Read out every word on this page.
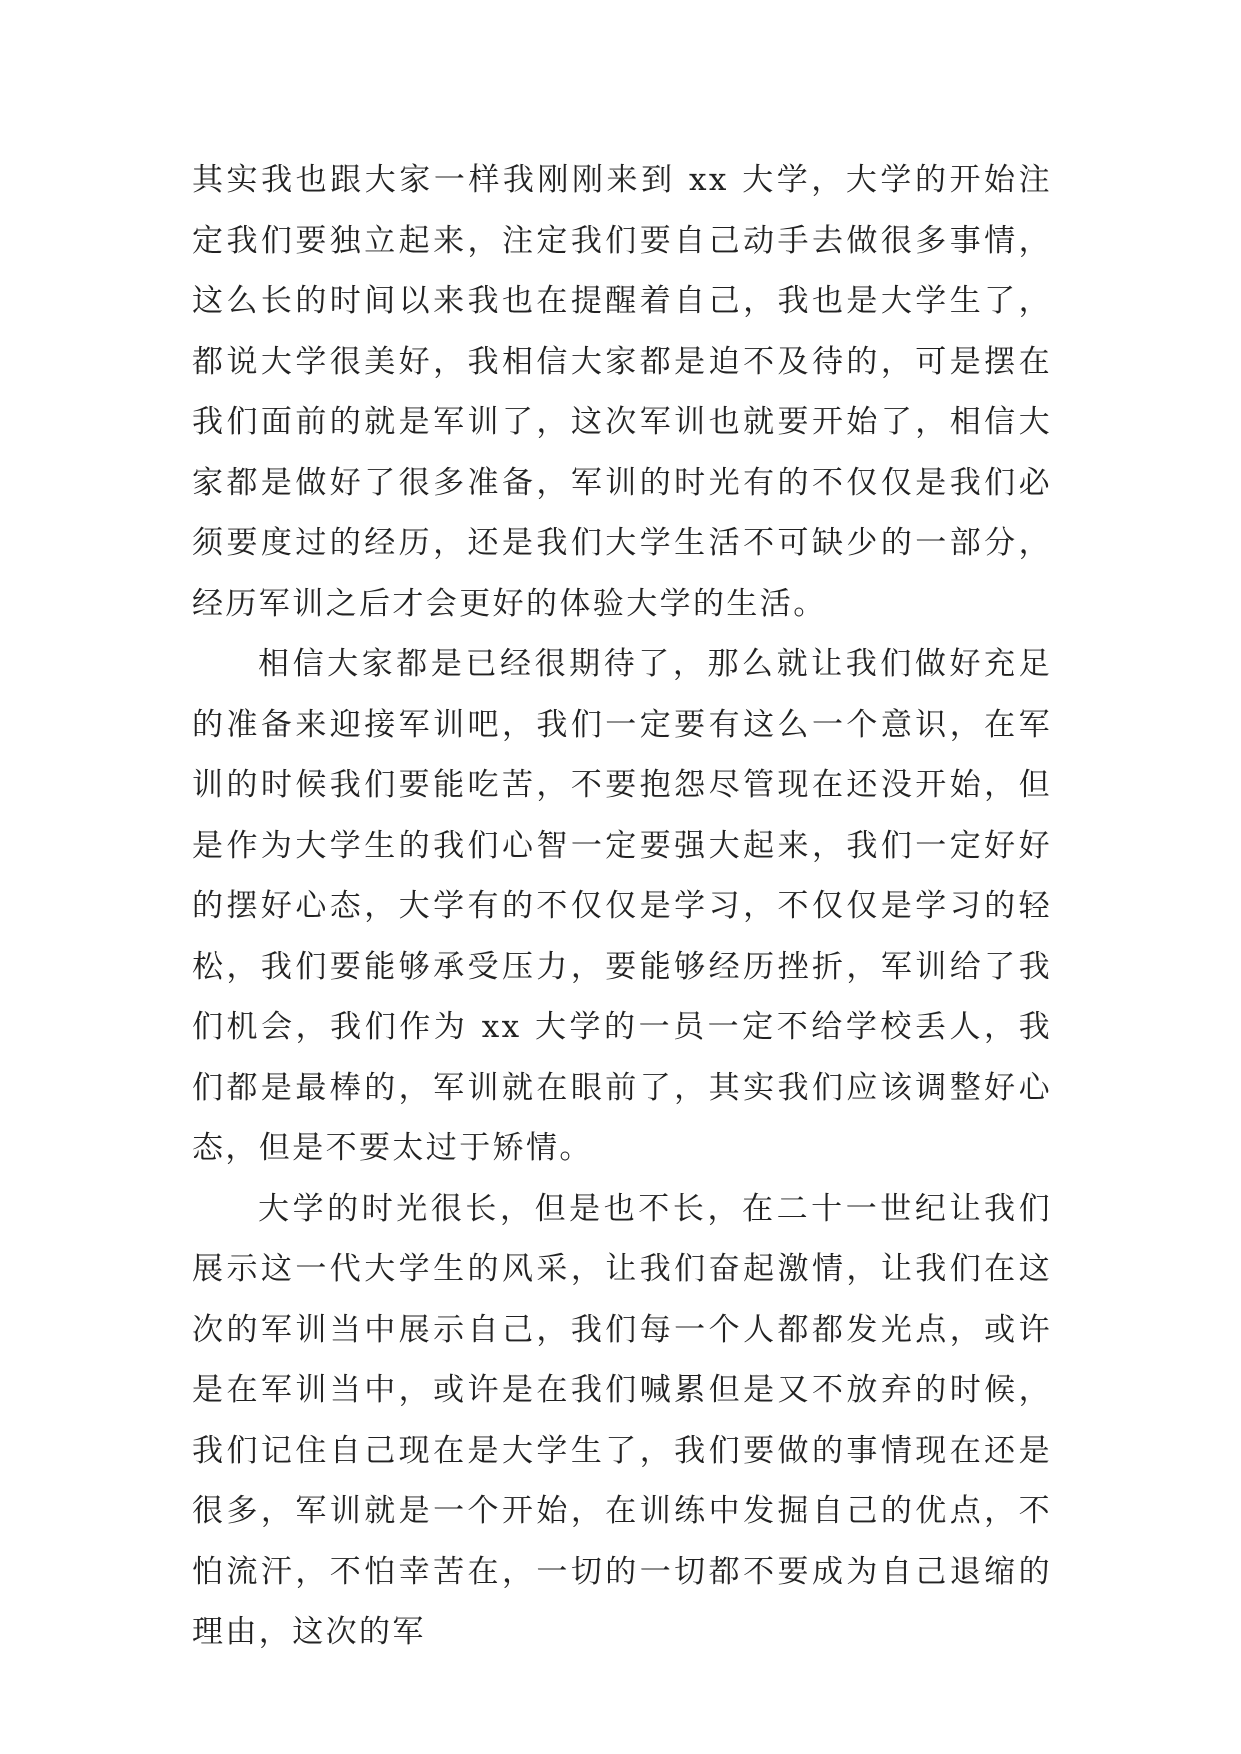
其实我也跟大家一样我刚刚来到 xx 大学，大学的开始注定我们要独立起来，注定我们要自己动手去做很多事情，这么长的时间以来我也在提醒着自己，我也是大学生了，都说大学很美好，我相信大家都是迫不及待的，可是摆在我们面前的就是军训了，这次军训也就要开始了，相信大家都是做好了很多准备，军训的时光有的不仅仅是我们必须要度过的经历，还是我们大学生活不可缺少的一部分，经历军训之后才会更好的体验大学的生活。

相信大家都是已经很期待了，那么就让我们做好充足的准备来迎接军训吧，我们一定要有这么一个意识，在军训的时候我们要能吃苦，不要抱怨尽管现在还没开始，但是作为大学生的我们心智一定要强大起来，我们一定好好的摆好心态，大学有的不仅仅是学习，不仅仅是学习的轻松，我们要能够承受压力，要能够经历挫折，军训给了我们机会，我们作为 xx 大学的一员一定不给学校丢人，我们都是最棒的，军训就在眼前了，其实我们应该调整好心态，但是不要太过于矫情。

大学的时光很长，但是也不长，在二十一世纪让我们展示这一代大学生的风采，让我们奋起激情，让我们在这次的军训当中展示自己，我们每一个人都都发光点，或许是在军训当中，或许是在我们喊累但是又不放弃的时候，我们记住自己现在是大学生了，我们要做的事情现在还是很多，军训就是一个开始，在训练中发掘自己的优点，不怕流汗，不怕幸苦在，一切的一切都不要成为自己退缩的理由，这次的军
